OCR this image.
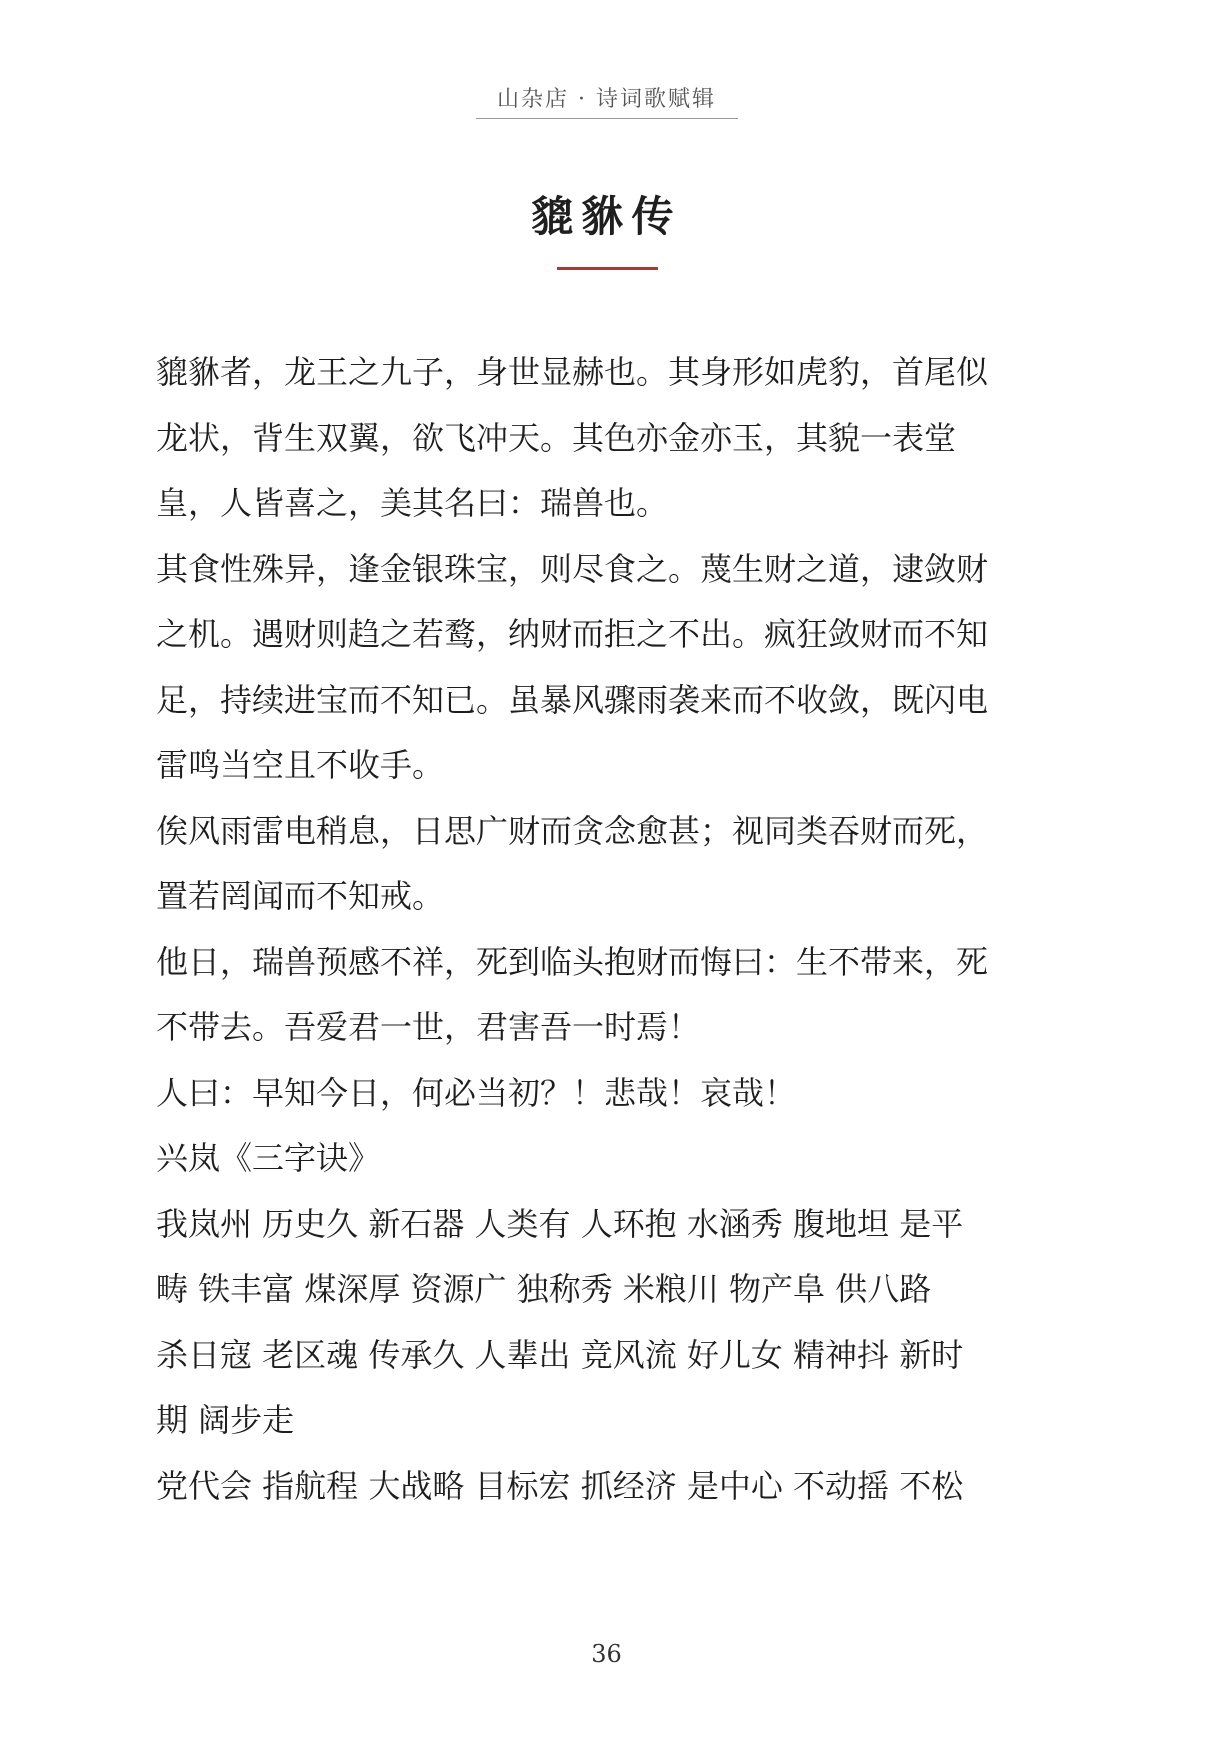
山杂店 · 诗词歌赋辑
貔貅传

貔貅者，龙王之九子，身世显赫也。其身形如虎豹，首尾似

龙状，背生双翼，欲飞冲天。其色亦金亦玉，其貌一表堂

皇，人皆喜之，美其名曰：瑞兽也。

其食性殊异，逢金银珠宝，则尽食之。蔑生财之道，逮敛财

之机。遇财则趋之若鹜，纳财而拒之不出。疯狂敛财而不知

足，持续进宝而不知已。虽暴风骤雨袭来而不收敛，既闪电

雷鸣当空且不收手。

俟风雨雷电稍息，日思广财而贪念愈甚；视同类吞财而死，

置若罔闻而不知戒。

他日，瑞兽预感不祥，死到临头抱财而悔曰：生不带来，死

不带去。吾爱君一世，君害吾一时焉！

人曰：早知今日，何必当初？！悲哉！哀哉！

兴岚《三字诀》

我岚州 历史久 新石器 人类有 人环抱 水涵秀 腹地坦 是平

畴 铁丰富 煤深厚 资源广 独称秀 米粮川 物产阜 供八路

杀日寇 老区魂 传承久 人辈出 竞风流 好儿女 精神抖 新时

期 阔步走

党代会 指航程 大战略 目标宏 抓经济 是中心 不动摇 不松

36
